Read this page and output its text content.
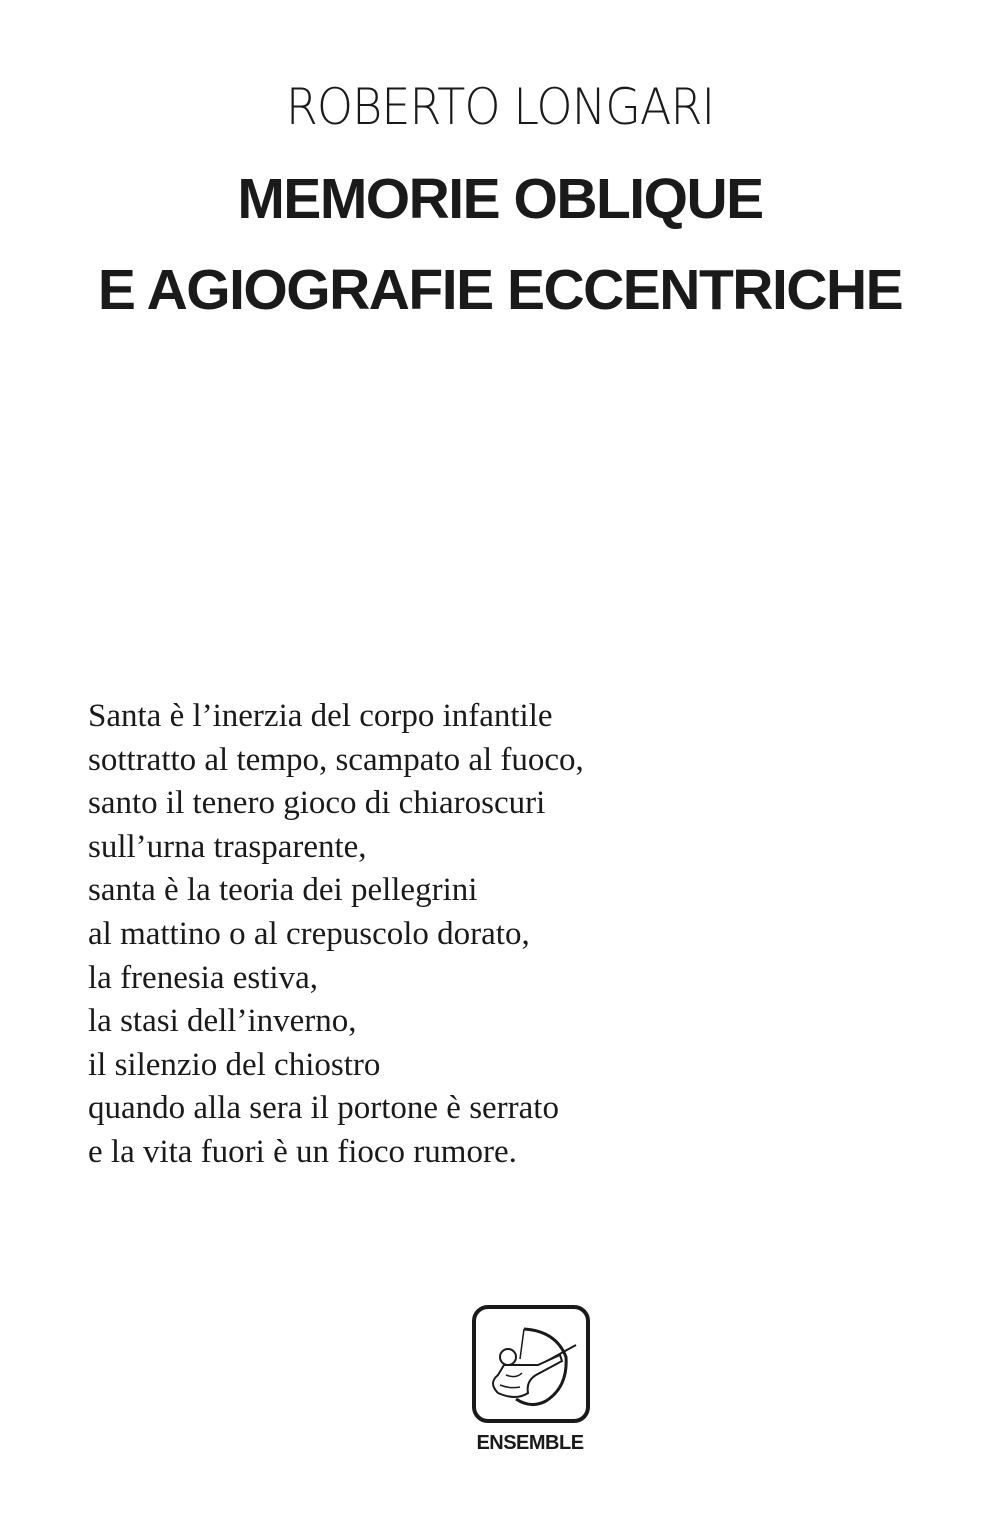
ROBERTO LONGARI
MEMORIE OBLIQUE
E AGIOGRAFIE ECCENTRICHE
Santa è l’inerzia del corpo infantile
sottratto al tempo, scampato al fuoco,
santo il tenero gioco di chiaroscuri
sull’urna trasparente,
santa è la teoria dei pellegrini
al mattino o al crepuscolo dorato,
la frenesia estiva,
la stasi dell’inverno,
il silenzio del chiostro
quando alla sera il portone è serrato
e la vita fuori è un fioco rumore.
ENSEMBLE
